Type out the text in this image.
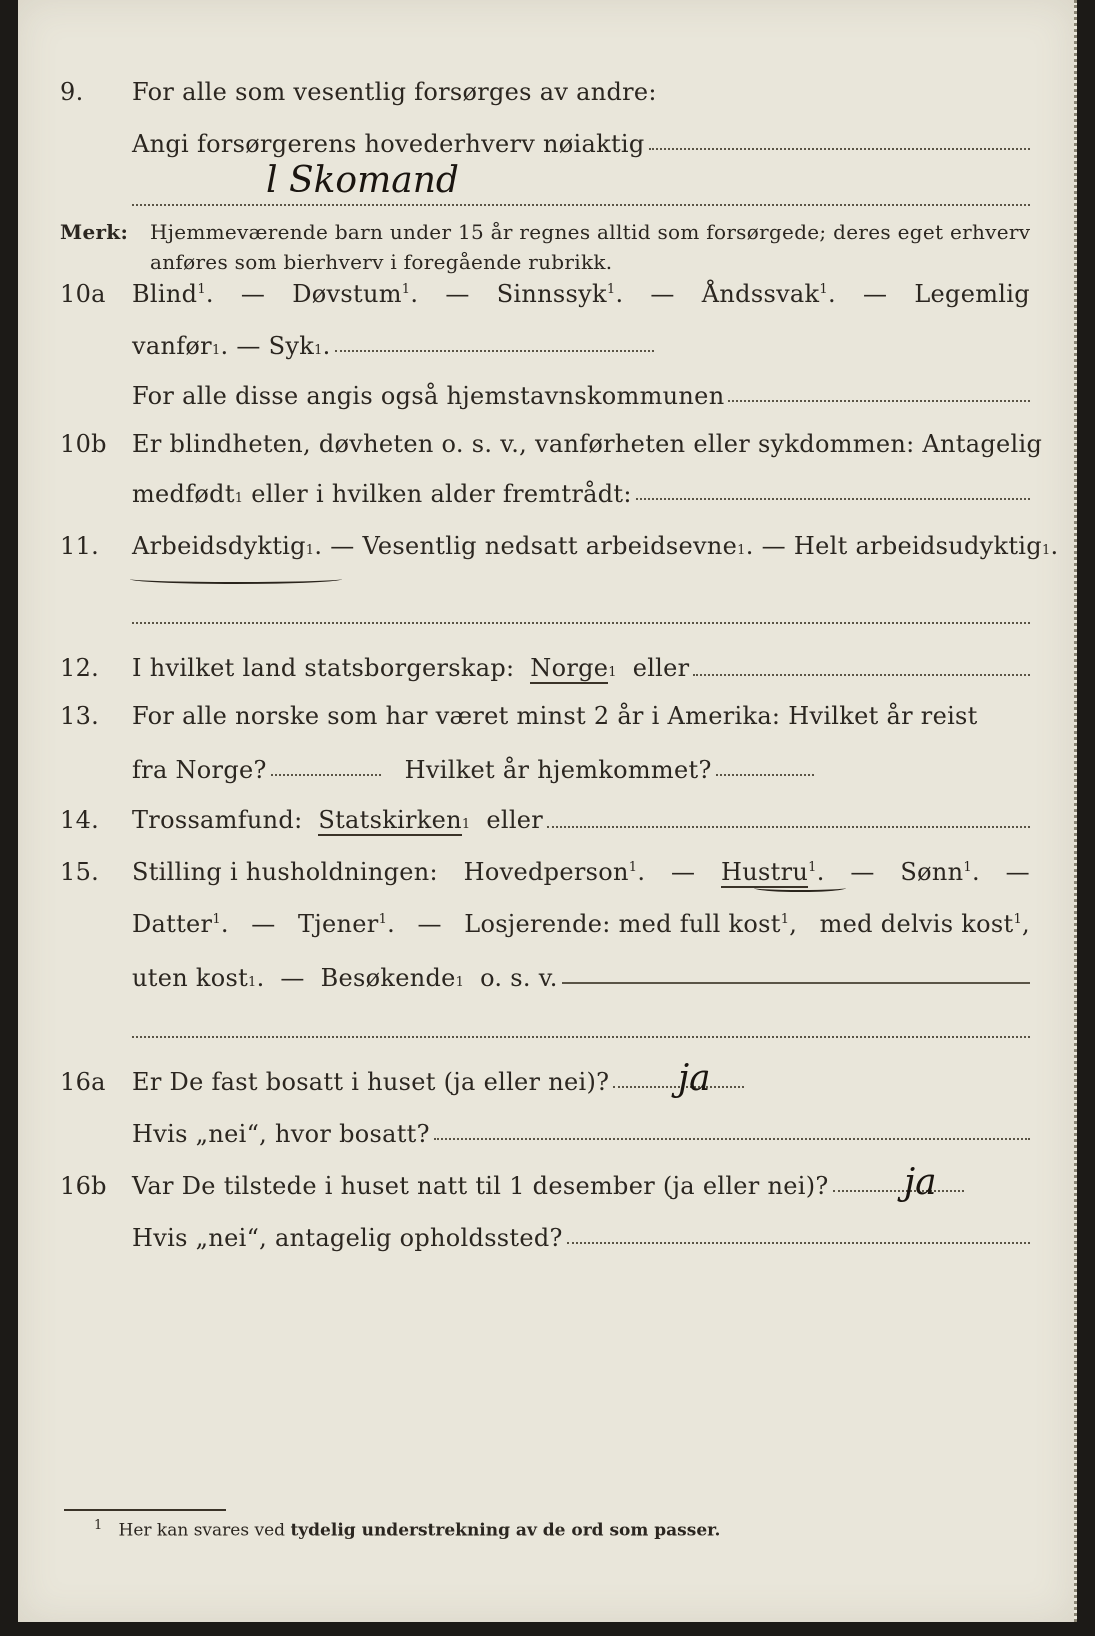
9.	For alle som vesentlig forsørges av andre:
Angi forsørgerens hovederhverv nøiaktig
l Skomand
Merk:	Hjemmeværende barn under 15 år regnes alltid som forsørgede; deres eget erhverv
anføres som bierhverv i foregående rubrikk.
10a	Blind$^1$. — Døvstum$^1$. — Sinnssyk$^1$. — Åndssvak$^1$. — Legemlig
vanfør 1 . —
Syk 1 .
For alle disse angis også hjemstavnskommunen
10b	Er blindheten, døvheten o. s. v., vanførheten eller sykdommen: Antagelig
medfødt 1
eller i hvilken alder fremtrådt:
11.	Arbeidsdyktig 1 . —
Vesentlig nedsatt arbeidsevne 1 . —
Helt arbeidsudyktig 1 .
12.	I hvilket land statsborgerskap:
Norge 1
eller
13.	For alle norske som har været minst 2 år i Amerika: Hvilket år reist
fra Norge?	Hvilket år hjemkommet?
14.	Trossamfund:
Statskirken 1
eller
15.	Stilling i husholdningen: Hovedperson$^1$. — Hustru$^1$. — Sønn$^1$. —
Datter$^1$. — Tjener$^1$. — Losjerende: med full kost$^1$, med delvis kost$^1$,
uten kost 1 . —
Besøkende 1
o. s. v.
16a	Er De fast bosatt i huset (ja eller nei)? ja
Hvis „nei“, hvor bosatt?
16b	Var De tilstede i huset natt til 1 desember (ja eller nei)? ja
Hvis „nei“, antagelig opholdssted?
$^1$ Her kan svares ved tydelig understrekning av de ord som passer.
